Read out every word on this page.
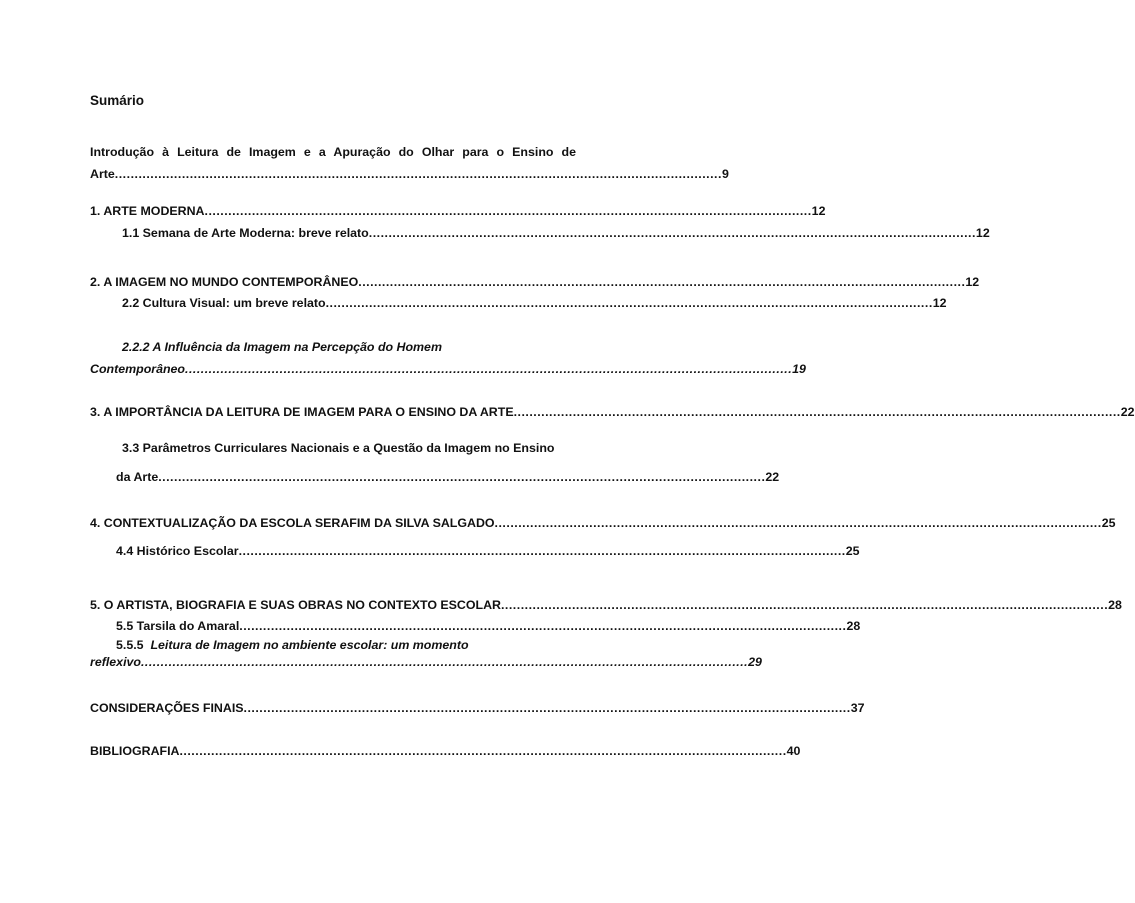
Sumário
Introdução à Leitura de Imagem e a Apuração do Olhar para o Ensino de
Arte .......................................................................................................................................................... 9
1. ARTE MODERNA .......................................................................................................................................................... 12
1.1 Semana de Arte Moderna: breve relato .......................................................................................................................................................... 12
2. A IMAGEM NO MUNDO CONTEMPORÂNEO .......................................................................................................................................................... 12
2.2 Cultura Visual: um breve relato .......................................................................................................................................................... 12
2.2.2 A Influência da Imagem na Percepção do Homem
Contemporâneo .......................................................................................................................................................... 19
3. A IMPORTÂNCIA DA LEITURA DE IMAGEM PARA O ENSINO DA ARTE .......................................................................................................................................................... 22
3.3 Parâmetros Curriculares Nacionais e a Questão da Imagem no Ensino
da Arte .......................................................................................................................................................... 22
4. CONTEXTUALIZAÇÃO DA ESCOLA SERAFIM DA SILVA SALGADO .......................................................................................................................................................... 25
4.4 Histórico Escolar .......................................................................................................................................................... 25
5. O ARTISTA, BIOGRAFIA E SUAS OBRAS NO CONTEXTO ESCOLAR .......................................................................................................................................................... 28
5.5 Tarsila do Amaral .......................................................................................................................................................... 28
5.5.5 Leitura de Imagem no ambiente escolar: um momento
reflexivo .......................................................................................................................................................... 29
CONSIDERAÇÕES FINAIS .......................................................................................................................................................... 37
BIBLIOGRAFIA .......................................................................................................................................................... 40
